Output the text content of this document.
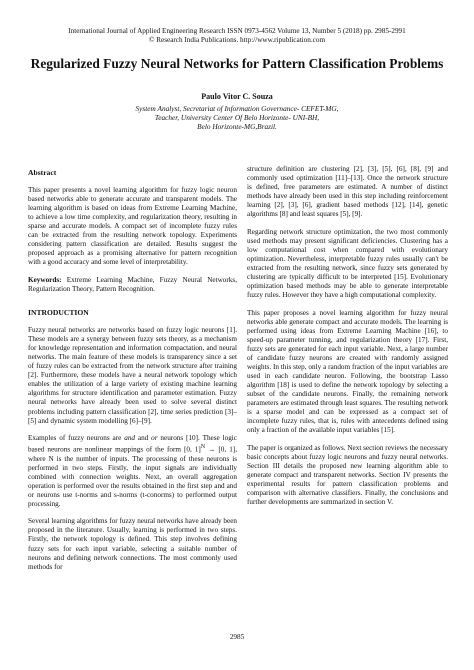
International Journal of Applied Engineering Research ISSN 0973-4562 Volume 13, Number 5 (2018) pp. 2985-2991
© Research India Publications. http://www.ripublication.com
Regularized Fuzzy Neural Networks for Pattern Classification Problems
Paulo Vitor C. Souza
System Analyst, Secretariat of Information Governance- CEFET-MG,
Teacher, University Center Of Belo Horizonte- UNI-BH,
Belo Horizonte-MG,Brazil.
Abstract

This paper presents a novel learning algorithm for fuzzy logic neuron based networks able to generate accurate and transparent models. The learning algorithm is based on ideas from Extreme Learning Machine, to achieve a low time complexity, and regularization theory, resulting in sparse and accurate models. A compact set of incomplete fuzzy rules can be extracted from the resulting network topology. Experiments considering pattern classification are detailed. Results suggest the proposed approach as a promising alternative for pattern recognition with a good accuracy and some level of interpretability.

Keywords: Extreme Learning Machine, Fuzzy Neural Networks, Regularization Theory, Pattern Recognition.

INTRODUCTION

Fuzzy neural networks are networks based on fuzzy logic neurons [1]. These models are a synergy between fuzzy sets theory, as a mechanism for knowledge representation and information compactation, and neural networks. The main feature of these models is transparency since a set of fuzzy rules can be extracted from the network structure after training [2]. Furthermore, these models have a neural network topology which enables the utilization of a large variety of existing machine learning algorithms for structure identification and parameter estimation. Fuzzy neural networks have already been used to solve several distinct problems including pattern classification [2], time series prediction [3]–[5] and dynamic system modelling [6]–[9].

Examples of fuzzy neurons are and and or neurons [10]. These logic based neurons are nonlinear mappings of the form [0, 1]$^N$ → [0, 1], where N is the number of inputs. The processing of these neurons is performed in two steps. Firstly, the input signals are individually combined with connection weights. Next, an overall aggregation operation is performed over the results obtained in the first step and and or neurons use t-norms and s-norms (t-conorms) to performed output processing.

Several learning algorithms for fuzzy neural networks have already been proposed in the literature. Usually, learning is performed in two steps. Firstly, the network topology is defined. This step involves defining fuzzy sets for each input variable, selecting a suitable number of neurons and defining network connections. The most commonly used methods for

structure definition are clustering [2], [3], [5], [6], [8], [9] and commonly used optimization [11]–[13]. Once the network structure is defined, free parameters are estimated. A number of distinct methods have already been used in this step including reinforcement learning [2], [3], [6], gradient based methods [12], [14], genetic algorithms [8] and least squares [5], [9].

Regarding network structure optimization, the two most commonly used methods may present significant deficiencies. Clustering has a low computational cost when compared with evolutionary optimization. Nevertheless, interpretable fuzzy rules usually can't be extracted from the resulting network, since fuzzy sets generated by clustering are typically difficult to be interpreted [15]. Evolutionary optimization based methods may be able to generate interpretable fuzzy rules. However they have a high computational complexity.

This paper proposes a novel learning algorithm for fuzzy neural networks able generate compact and accurate models. The learning is performed using ideas from Extreme Learning Machine [16], to speed-up parameter tunning, and regularization theory [17]. First, fuzzy sets are generated for each input variable. Next, a large number of candidate fuzzy neurons are created with randomly assigned weights. In this step, only a random fraction of the input variables are used in each candidate neuron. Following, the bootstrap Lasso algorithm [18] is used to define the network topology by selecting a subset of the candidate neurons. Finally, the remaining network parameters are estimated through least squares. The resulting network is a sparse model and can be expressed as a compact set of incomplete fuzzy rules, that is, rules with antecedents defined using only a fraction of the available input variables [15].

The paper is organized as follows. Next section reviews the necessary basic concepts about fuzzy logic neurons and fuzzy neural networks. Section III details the proposed new learning algorithm able to generate compact and transparent networks. Section IV presents the experimental results for pattern classification problems and comparison with alternative classifiers. Finally, the conclusions and further developments are summarized in section V.

2985
